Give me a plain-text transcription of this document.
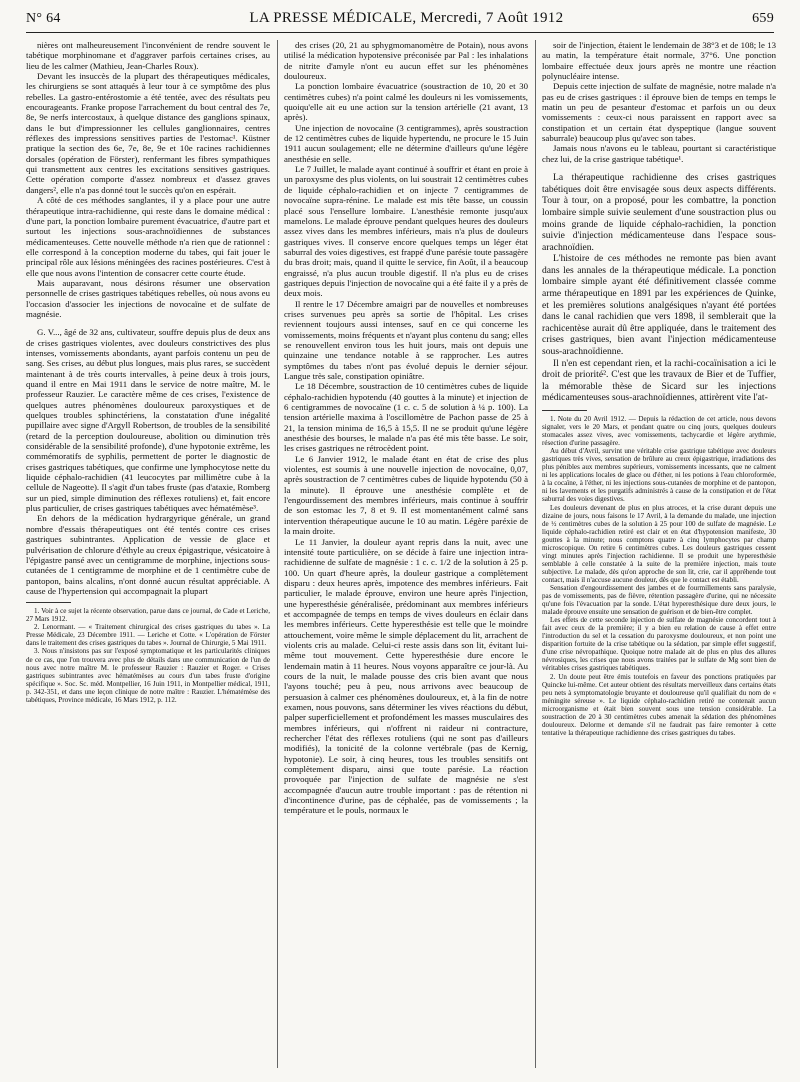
N° 64	LA PRESSE MÉDICALE, Mercredi, 7 Août 1912	659

nières ont malheureusement l'inconvénient de rendre souvent le tabétique morphinomane et d'aggraver parfois certaines crises, au lieu de les calmer (Mathieu, Jean-Charles Roux).

Devant les insuccès de la plupart des thérapeutiques médicales, les chirurgiens se sont attaqués à leur tour à ce symptôme des plus rebelles. La gastro-entérostomie a été tentée, avec des résultats peu encourageants. Franke propose l'arrachement du bout central des 7e, 8e, 9e nerfs intercostaux, à quelque distance des ganglions spinaux, dans le but d'impressionner les cellules ganglionnaires, centres réflexes des impressions sensitives parties de l'estomac¹. Küstner pratique la section des 6e, 7e, 8e, 9e et 10e racines rachidiennes dorsales (opération de Förster), renfermant les fibres sympathiques qui transmettent aux centres les excitations sensitives gastriques. Cette opération comporte d'assez nombreux et d'assez graves dangers², elle n'a pas donné tout le succès qu'on en espérait.

A côté de ces méthodes sanglantes, il y a place pour une autre thérapeutique intra-rachidienne, qui reste dans le domaine médical : d'une part, la ponction lombaire purement évacuatrice, d'autre part et surtout les injections sous-arachnoïdiennes de substances médicamenteuses. Cette nouvelle méthode n'a rien que de rationnel : elle correspond à la conception moderne du tabes, qui fait jouer le principal rôle aux lésions méningées des racines postérieures. C'est à elle que nous avons l'intention de consacrer cette courte étude.

Mais auparavant, nous désirons résumer une observation personnelle de crises gastriques tabétiques rebelles, où nous avons eu l'occasion d'associer les injections de novocaïne et de sulfate de magnésie.

G. V..., âgé de 32 ans, cultivateur, souffre depuis plus de deux ans de crises gastriques violentes, avec douleurs constrictives des plus intenses, vomissements abondants, ayant parfois contenu un peu de sang. Ses crises, au début plus longues, mais plus rares, se succèdent maintenant à de très courts intervalles, à peine deux à trois jours, quand il entre en Mai 1911 dans le service de notre maître, M. le professeur Rauzier. Le caractère même de ces crises, l'existence de quelques autres phénomènes douloureux paroxystiques et de quelques troubles sphinctériens, la constatation d'une inégalité pupillaire avec signe d'Argyll Robertson, de troubles de la sensibilité (retard de la perception douloureuse, abolition ou diminution très considérable de la sensibilité profonde), d'une hypotonie extrême, les commémoratifs de syphilis, permettent de porter le diagnostic de crises gastriques tabétiques, que confirme une lymphocytose nette du liquide céphalo-rachidien (41 leucocytes par millimètre cube à la cellule de Nageotte). Il s'agit d'un tabes fruste (pas d'ataxie, Romberg sur un pied, simple diminution des réflexes rotuliens) et, fait encore plus particulier, de crises gastriques tabétiques avec hématémèse³.

En dehors de la médication hydrargyrique générale, un grand nombre d'essais thérapeutiques ont été tentés contre ces crises gastriques subintrantes. Application de vessie de glace et pulvérisation de chlorure d'éthyle au creux épigastrique, vésicatoire à l'épigastre pansé avec un centigramme de morphine, injections sous-cutanées de 1 centigramme de morphine et de 1 centimètre cube de pantopon, bains alcalins, n'ont donné aucun résultat appréciable. A cause de l'hypertension qui accompagnait la plupart

1. Voir à ce sujet la récente observation, parue dans ce journal, de Cade et Leriche, 27 Mars 1912.

2. Lenormant. — « Traitement chirurgical des crises gastriques du tabes ». La Presse Médicale, 23 Décembre 1911. — Leriche et Cotte. « L'opération de Förster dans le traitement des crises gastriques du tabes ». Journal de Chirurgie, 5 Mai 1911.

3. Nous n'insistons pas sur l'exposé symptomatique et les particularités cliniques de ce cas, que l'on trouvera avec plus de détails dans une communication de l'un de nous avec notre maître M. le professeur Rauzier : Rauzier et Roger. « Crises gastriques subintrantes avec hématémèses au cours d'un tabes fruste d'origine spécifique ». Soc. Sc. méd. Montpellier, 16 Juin 1911, in Montpellier médical, 1911, p. 342-351, et dans une leçon clinique de notre maître : Rauzier. L'hématémèse des tabétiques, Province médicale, 16 Mars 1912, p. 112.

des crises (20, 21 au sphygmomanomètre de Potain), nous avons utilisé la médication hypotensive préconisée par Pal : les inhalations de nitrite d'amyle n'ont eu aucun effet sur les phénomènes douloureux.

La ponction lombaire évacuatrice (soustraction de 10, 20 et 30 centimètres cubes) n'a point calmé les douleurs ni les vomissements, quoiqu'elle ait eu une action sur la tension artérielle (21 avant, 13 après).

Une injection de novocaïne (3 centigrammes), après soustraction de 12 centimètres cubes de liquide hypertendu, ne procure le 15 Juin 1911 aucun soulagement; elle ne détermine d'ailleurs qu'une légère anesthésie en selle.

Le 7 Juillet, le malade ayant continué à souffrir et étant en proie à un paroxysme des plus violents, on lui soustrait 12 centimètres cubes de liquide céphalo-rachidien et on injecte 7 centigrammes de novocaïne supra-rénine. Le malade est mis tête basse, un coussin placé sous l'ensellure lombaire. L'anesthésie remonte jusqu'aux mamelons. Le malade éprouve pendant quelques heures des douleurs assez vives dans les membres inférieurs, mais n'a plus de douleurs gastriques vives. Il conserve encore quelques temps un léger état saburral des voies digestives, est frappé d'une parésie toute passagère du bras droit; mais, quand il quitte le service, fin Août, il a beaucoup engraissé, n'a plus aucun trouble digestif. Il n'a plus eu de crises gastriques depuis l'injection de novocaïne qui a été faite il y a près de deux mois.

Il rentre le 17 Décembre amaigri par de nouvelles et nombreuses crises survenues peu après sa sortie de l'hôpital. Les crises reviennent toujours aussi intenses, sauf en ce qui concerne les vomissements, moins fréquents et n'ayant plus contenu du sang; elles se renouvellent environ tous les huit jours, mais ont depuis une quinzaine une tendance notable à se rapprocher. Les autres symptômes du tabes n'ont pas évolué depuis le dernier séjour. Langue très sale, constipation opiniâtre.

Le 18 Décembre, soustraction de 10 centimètres cubes de liquide céphalo-rachidien hypotendu (40 gouttes à la minute) et injection de 6 centigrammes de novocaïne (1 c. c. 5 de solution à ¼ p. 100). La tension artérielle maxima à l'oscillomètre de Pachon passe de 25 à 21, la tension minima de 16,5 à 15,5. Il ne se produit qu'une légère anesthésie des bourses, le malade n'a pas été mis tête basse. Le soir, les crises gastriques ne rétrocèdent point.

Le 6 Janvier 1912, le malade étant en état de crise des plus violentes, est soumis à une nouvelle injection de novocaïne, 0,07, après soustraction de 7 centimètres cubes de liquide hypotendu (50 à la minute). Il éprouve une anesthésie complète et de l'engourdissement des membres inférieurs, mais continue à souffrir de son estomac les 7, 8 et 9. Il est momentanément calmé sans intervention thérapeutique aucune le 10 au matin. Légère paréxie de la main droite.

Le 11 Janvier, la douleur ayant repris dans la nuit, avec une intensité toute particulière, on se décide à faire une injection intra-rachidienne de sulfate de magnésie : 1 c. c. 1/2 de la solution à 25 p. 100. Un quart d'heure après, la douleur gastrique a complètement disparu : deux heures après, impotence des membres inférieurs. Fait particulier, le malade éprouve, environ une heure après l'injection, une hyperesthésie généralisée, prédominant aux membres inférieurs et accompagnée de temps en temps de vives douleurs en éclair dans les membres inférieurs. Cette hyperesthésie est telle que le moindre attouchement, voire même le simple déplacement du lit, arrachent de violents cris au malade. Celui-ci reste assis dans son lit, évitant lui-même tout mouvement. Cette hyperesthésie dure encore le lendemain matin à 11 heures. Nous voyons apparaître ce jour-là. Au cours de la nuit, le malade pousse des cris bien avant que nous l'ayons touché; peu à peu, nous arrivons avec beaucoup de persuasion à calmer ces phénomènes douloureux, et, à la fin de notre examen, nous pouvons, sans déterminer les vives réactions du début, palper superficiellement et profondément les masses musculaires des membres inférieurs, qui n'offrent ni raideur ni contracture, rechercher l'état des réflexes rotuliens (qui ne sont pas d'ailleurs modifiés), la tonicité de la colonne vertébrale (pas de Kernig, hypotonie). Le soir, à cinq heures, tous les troubles sensitifs ont complètement disparu, ainsi que toute parésie. La réaction provoquée par l'injection de sulfate de magnésie ne s'est accompagnée d'aucun autre trouble important : pas de rétention ni d'incontinence d'urine, pas de céphalée, pas de vomissements ; la température et le pouls, normaux le

soir de l'injection, étaient le lendemain de 38°3 et de 108; le 13 au matin, la température était normale, 37°6. Une ponction lombaire effectuée deux jours après ne montre une réaction polynucléaire intense.

Depuis cette injection de sulfate de magnésie, notre malade n'a pas eu de crises gastriques : il éprouve bien de temps en temps le matin un peu de pesanteur d'estomac et parfois un ou deux vomissements : ceux-ci nous paraissent en rapport avec sa constipation et un certain état dyspeptique (langue souvent saburrale) beaucoup plus qu'avec son tabes.

Jamais nous n'avons eu le tableau, pourtant si caractéristique chez lui, de la crise gastrique tabétique¹.

La thérapeutique rachidienne des crises gastriques tabétiques doit être envisagée sous deux aspects différents. Tour à tour, on a proposé, pour les combattre, la ponction lombaire simple suivie seulement d'une soustraction plus ou moins grande de liquide céphalo-rachidien, la ponction suivie d'injection médicamenteuse dans l'espace sous-arachnoïdien.

L'histoire de ces méthodes ne remonte pas bien avant dans les annales de la thérapeutique médicale. La ponction lombaire simple ayant été définitivement classée comme arme thérapeutique en 1891 par les expériences de Quinke, et les premières solutions analgésiques n'ayant été portées dans le canal rachidien que vers 1898, il semblerait que la rachicentèse aurait dû être appliquée, dans le traitement des crises gastriques, bien avant l'injection médicamenteuse sous-arachnoïdienne.

Il n'en est cependant rien, et la rachi-cocaïnisation a ici le droit de priorité². C'est que les travaux de Bier et de Tuffier, la mémorable thèse de Sicard sur les injections médicamenteuses sous-arachnoïdiennes, attirèrent vite l'at-

1. Note du 20 Avril 1912. — Depuis la rédaction de cet article, nous devons signaler, vers le 20 Mars, et pendant quatre ou cinq jours, quelques douleurs stomacales assez vives, avec vomissements, tachycardie et légère arythmie, résection d'urine passagère.

Au début d'Avril, survint une véritable crise gastrique tabétique avec douleurs gastriques très vives, sensation de brûlure au creux épigastrique, irradiations des plus pénibles aux membres supérieurs, vomissements incessants, que ne calment ni les applications locales de glace ou d'éther, ni les potions à l'eau chloroformée, à la cocaïne, à l'éther, ni les injections sous-cutanées de morphine et de pantopon, ni les lavements et les purgatifs administrés à cause de la constipation et de l'état saburral des voies digestives.

Les douleurs devenant de plus en plus atroces, et la crise durant depuis une dizaine de jours, nous faisons le 17 Avril, à la demande du malade, une injection de ½ centimètres cubes de la solution à 25 pour 100 de sulfate de magnésie. Le liquide céphalo-rachidien retiré est clair et en état d'hypotension manifeste, 30 gouttes à la minute; nous comptons quatre à cinq lymphocytes par champ microscopique. On retire 6 centimètres cubes. Les douleurs gastriques cessent vingt minutes après l'injection rachidienne. Il se produit une hyperesthésie semblable à celle constatée à la suite de la première injection, mais toute subjective. Le malade, dès qu'on approche de son lit, crie, car il appréhende tout contact, mais il n'accuse aucune douleur, dès que le contact est établi.

Sensation d'engourdissement des jambes et de fourmillements sans paralysie, pas de vomissements, pas de fièvre, rétention passagère d'urine, qui ne nécessite qu'une fois l'évacuation par la sonde. L'état hyperesthésique dure deux jours, le malade éprouve ensuite une sensation de guérison et de bien-être complet.

Les effets de cette seconde injection de sulfate de magnésie concordent tout à fait avec ceux de la première; il y a bien eu relation de cause à effet entre l'introduction du sel et la cessation du paroxysme douloureux, et non point une disparition fortuite de la crise tabétique ou la sédation, par simple effet suggestif, d'une crise névropathique. Quoique notre malade ait de plus en plus des allures névrosiques, les crises que nous avons traitées par le sulfate de Mg sont bien de véritables crises gastriques tabétiques.

2. Un doute peut être émis toutefois en faveur des ponctions pratiquées par Quincke lui-même. Cet auteur obtient des résultats merveilleux dans certains états peu nets à symptomatologie bruyante et douloureuse qu'il qualifiait du nom de « méningite séreuse ». Le liquide céphalo-rachidien retiré ne contenait aucun microorganisme et était bien souvent sous une tension considérable. La soustraction de 20 à 30 centimètres cubes amenait la sédation des phénomènes douloureux. Delorme et demande s'il ne faudrait pas faire remonter à cette tentative la thérapeutique rachidienne des crises gastriques du tabes.
